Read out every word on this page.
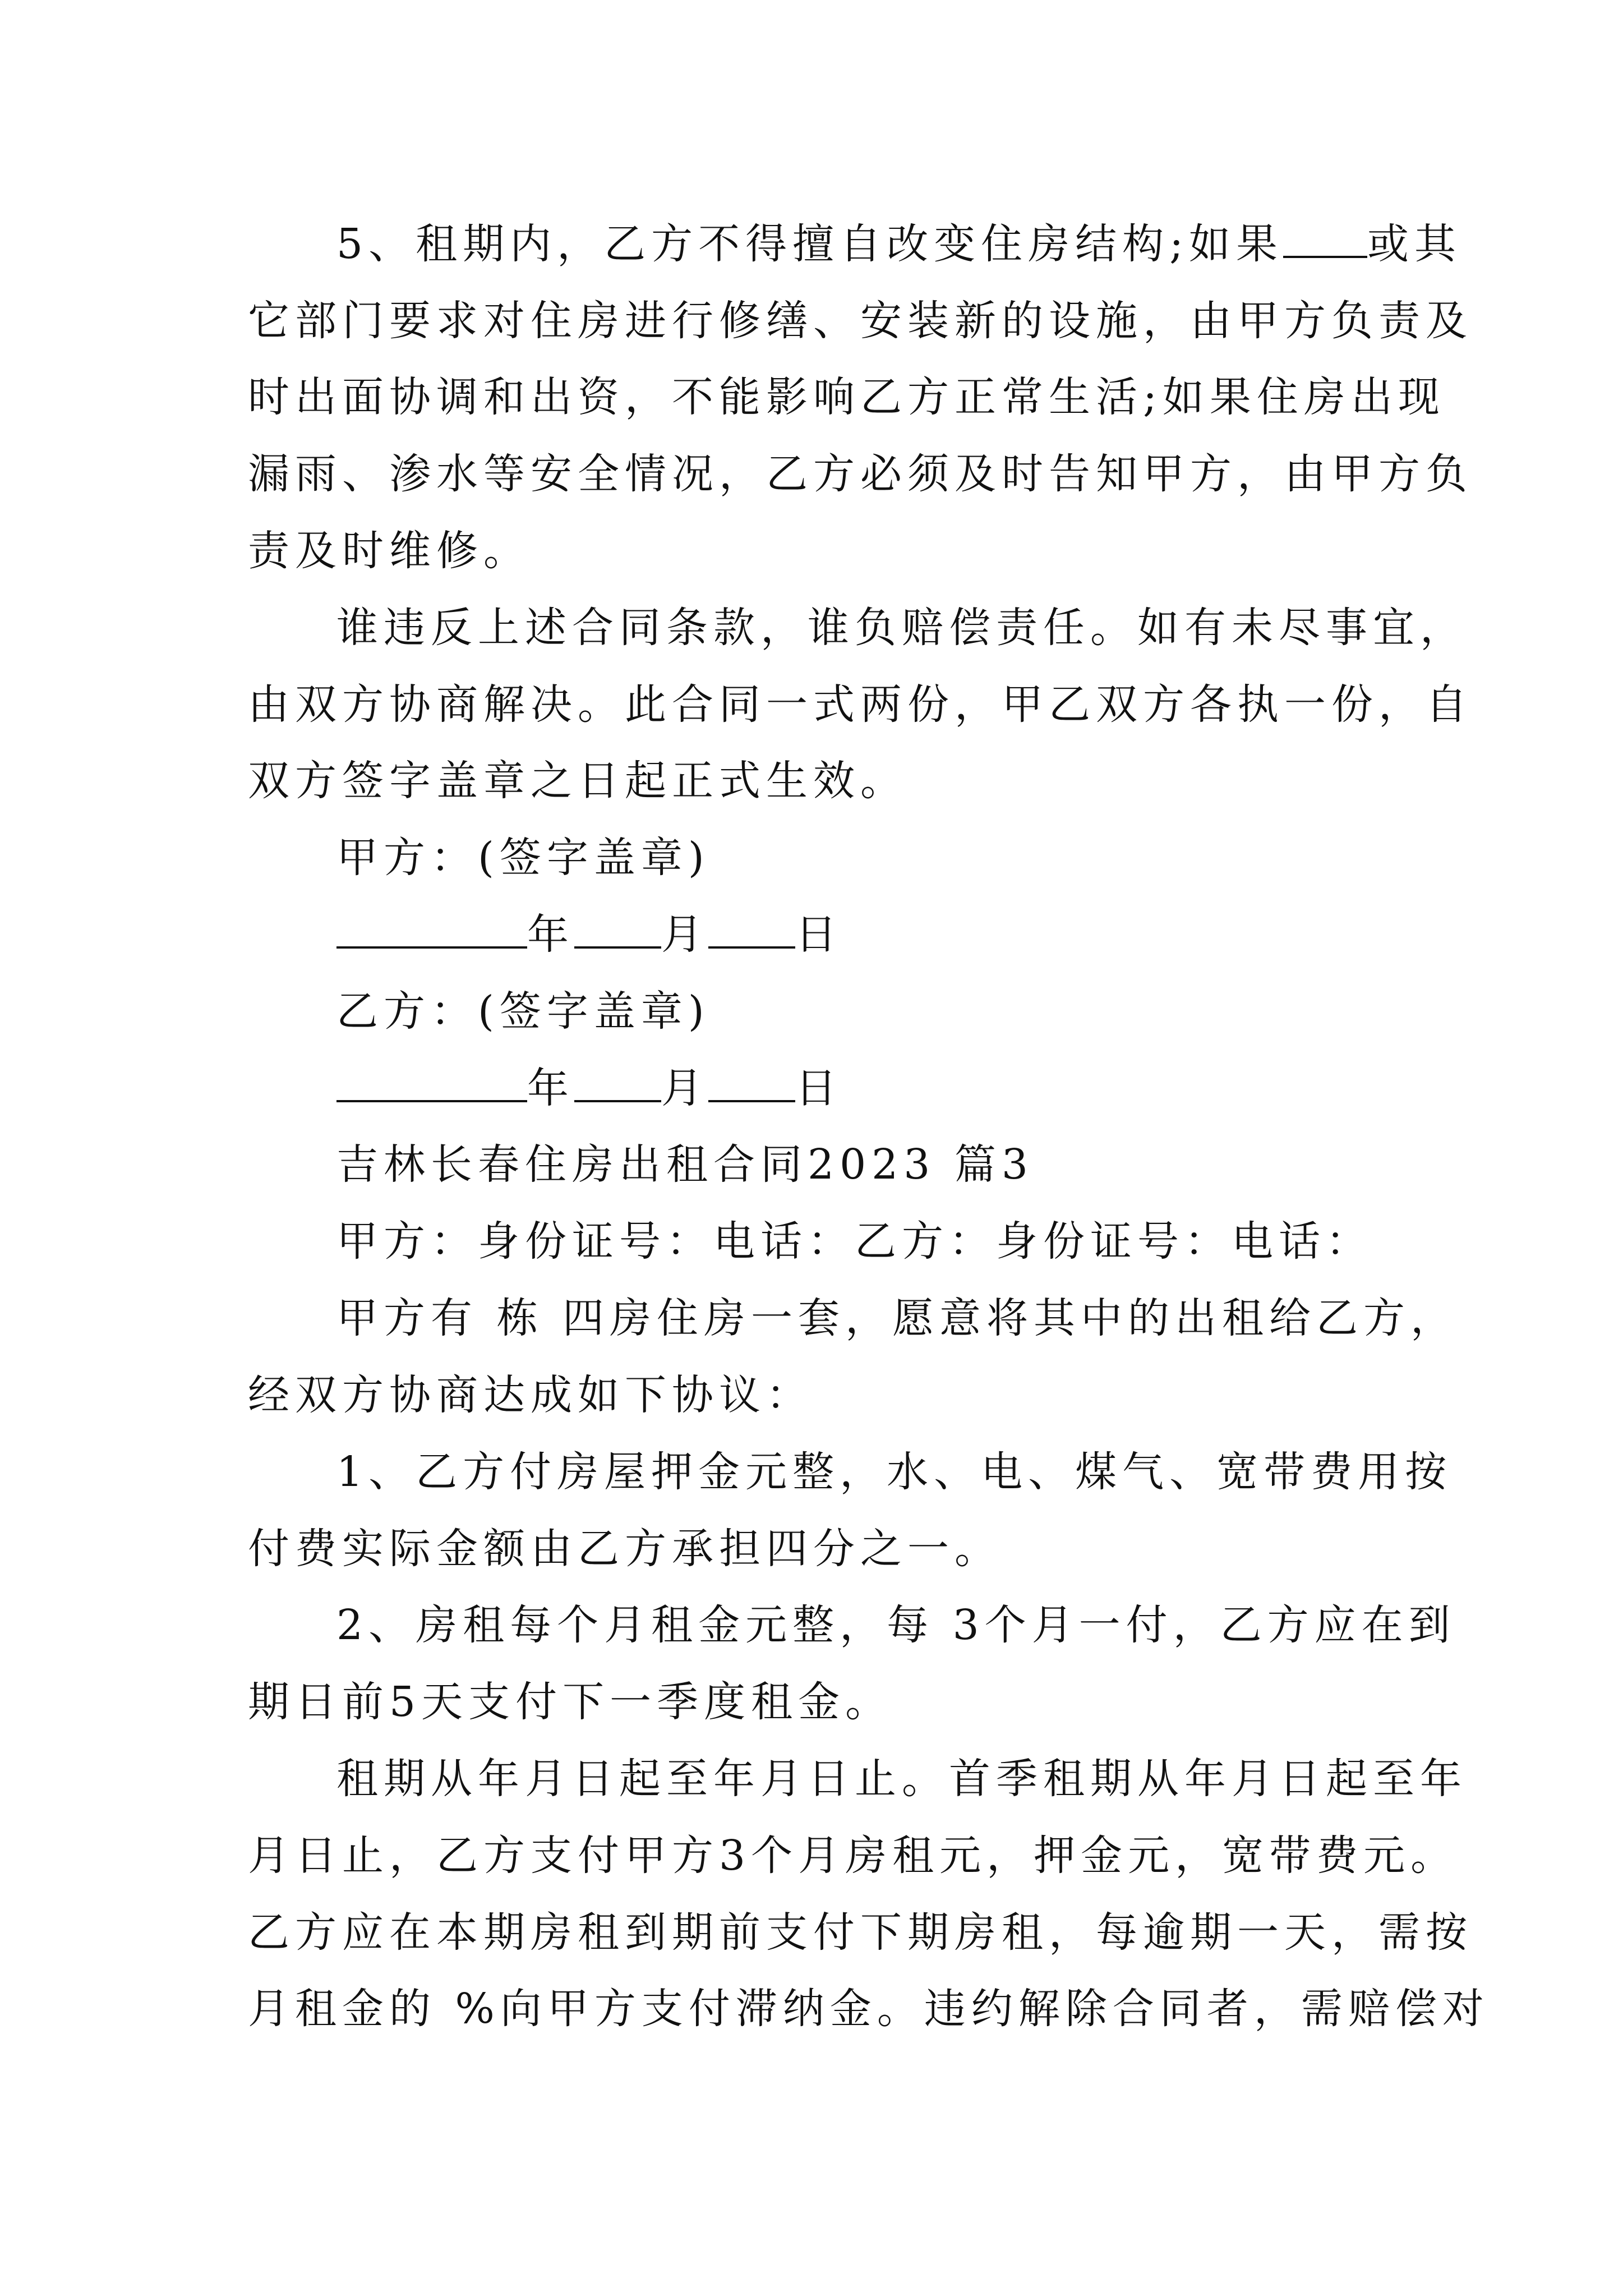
5、租期内，乙方不得擅自改变住房结构;如果 或其
它部门要求对住房进行修缮、安装新的设施，由甲方负责及
时出面协调和出资，不能影响乙方正常生活;如果住房出现
漏雨、渗水等安全情况，乙方必须及时告知甲方，由甲方负
责及时维修。
谁违反上述合同条款，谁负赔偿责任。如有未尽事宜，
由双方协商解决。此合同一式两份，甲乙双方各执一份，自
双方签字盖章之日起正式生效。
甲方：(签字盖章)
年 月 日
乙方：(签字盖章)
年 月 日
吉林长春住房出租合同2023 篇3
甲方：身份证号：电话：乙方：身份证号：电话：
甲方有 栋 四房住房一套，愿意将其中的出租给乙方，
经双方协商达成如下协议：
1、乙方付房屋押金元整，水、电、煤气、宽带费用按
付费实际金额由乙方承担四分之一。
2、房租每个月租金元整，每 3个月一付，乙方应在到
期日前5天支付下一季度租金。
租期从年月日起至年月日止。首季租期从年月日起至年
月日止，乙方支付甲方3个月房租元，押金元，宽带费元。
乙方应在本期房租到期前支付下期房租，每逾期一天，需按
月租金的 %向甲方支付滞纳金。违约解除合同者，需赔偿对
